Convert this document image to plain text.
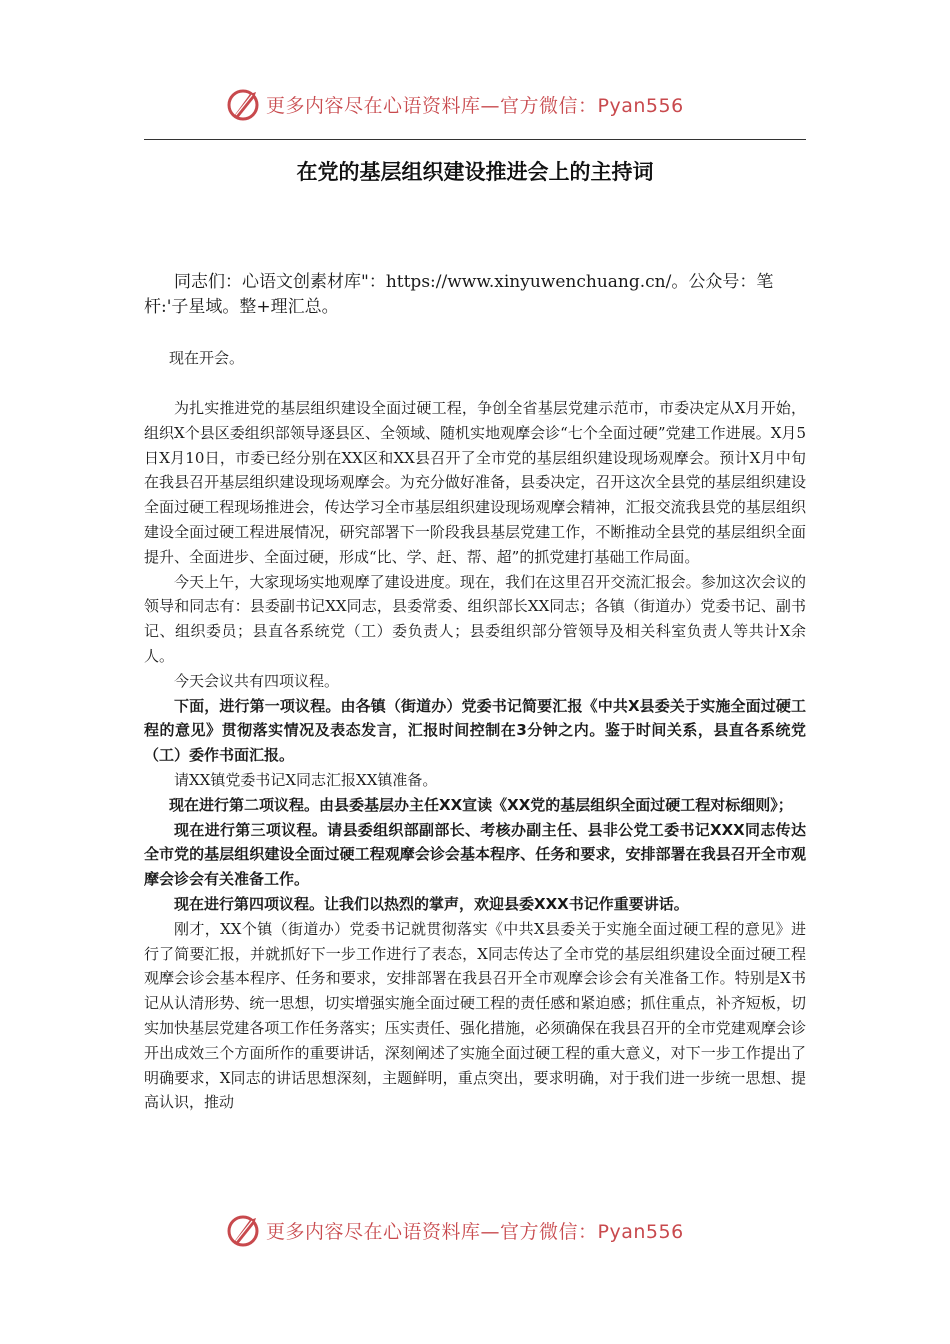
更多内容尽在心语资料库—官方微信：Pyan556
在党的基层组织建设推进会上的主持词

同志们：心语文创素材库"：https://www.xinyuwenchuang.cn/。公众号：笔杆:'子星域。整+理汇总。

现在开会。

为扎实推进党的基层组织建设全面过硬工程，争创全省基层党建示范市，市委决定从X月开始，组织X个县区委组织部领导逐县区、全领域、随机实地观摩会诊“七个全面过硬”党建工作进展。X月5日X月10日，市委已经分别在XX区和XX县召开了全市党的基层组织建设现场观摩会。预计X月中旬在我县召开基层组织建设现场观摩会。为充分做好准备，县委决定，召开这次全县党的基层组织建设全面过硬工程现场推进会，传达学习全市基层组织建设现场观摩会精神，汇报交流我县党的基层组织建设全面过硬工程进展情况，研究部署下一阶段我县基层党建工作，不断推动全县党的基层组织全面提升、全面进步、全面过硬，形成“比、学、赶、帮、超”的抓党建打基础工作局面。

今天上午，大家现场实地观摩了建设进度。现在，我们在这里召开交流汇报会。参加这次会议的领导和同志有：县委副书记XX同志，县委常委、组织部长XX同志；各镇（街道办）党委书记、副书记、组织委员；县直各系统党（工）委负责人；县委组织部分管领导及相关科室负责人等共计X余人。

今天会议共有四项议程。

下面，进行第一项议程。由各镇（街道办）党委书记简要汇报《中共X县委关于实施全面过硬工程的意见》贯彻落实情况及表态发言，汇报时间控制在3分钟之内。鉴于时间关系，县直各系统党（工）委作书面汇报。

请XX镇党委书记X同志汇报XX镇准备。

现在进行第二项议程。由县委基层办主任XX宣读《XX党的基层组织全面过硬工程对标细则》；

现在进行第三项议程。请县委组织部副部长、考核办副主任、县非公党工委书记XXX同志传达全市党的基层组织建设全面过硬工程观摩会诊会基本程序、任务和要求，安排部署在我县召开全市观摩会诊会有关准备工作。

现在进行第四项议程。让我们以热烈的掌声，欢迎县委XXX书记作重要讲话。

刚才，XX个镇（街道办）党委书记就贯彻落实《中共X县委关于实施全面过硬工程的意见》进行了简要汇报，并就抓好下一步工作进行了表态，X同志传达了全市党的基层组织建设全面过硬工程观摩会诊会基本程序、任务和要求，安排部署在我县召开全市观摩会诊会有关准备工作。特别是X书记从认清形势、统一思想，切实增强实施全面过硬工程的责任感和紧迫感；抓住重点，补齐短板，切实加快基层党建各项工作任务落实；压实责任、强化措施，必须确保在我县召开的全市党建观摩会诊开出成效三个方面所作的重要讲话，深刻阐述了实施全面过硬工程的重大意义，对下一步工作提出了明确要求，X同志的讲话思想深刻，主题鲜明，重点突出，要求明确，对于我们进一步统一思想、提高认识，推动

更多内容尽在心语资料库—官方微信：Pyan556
